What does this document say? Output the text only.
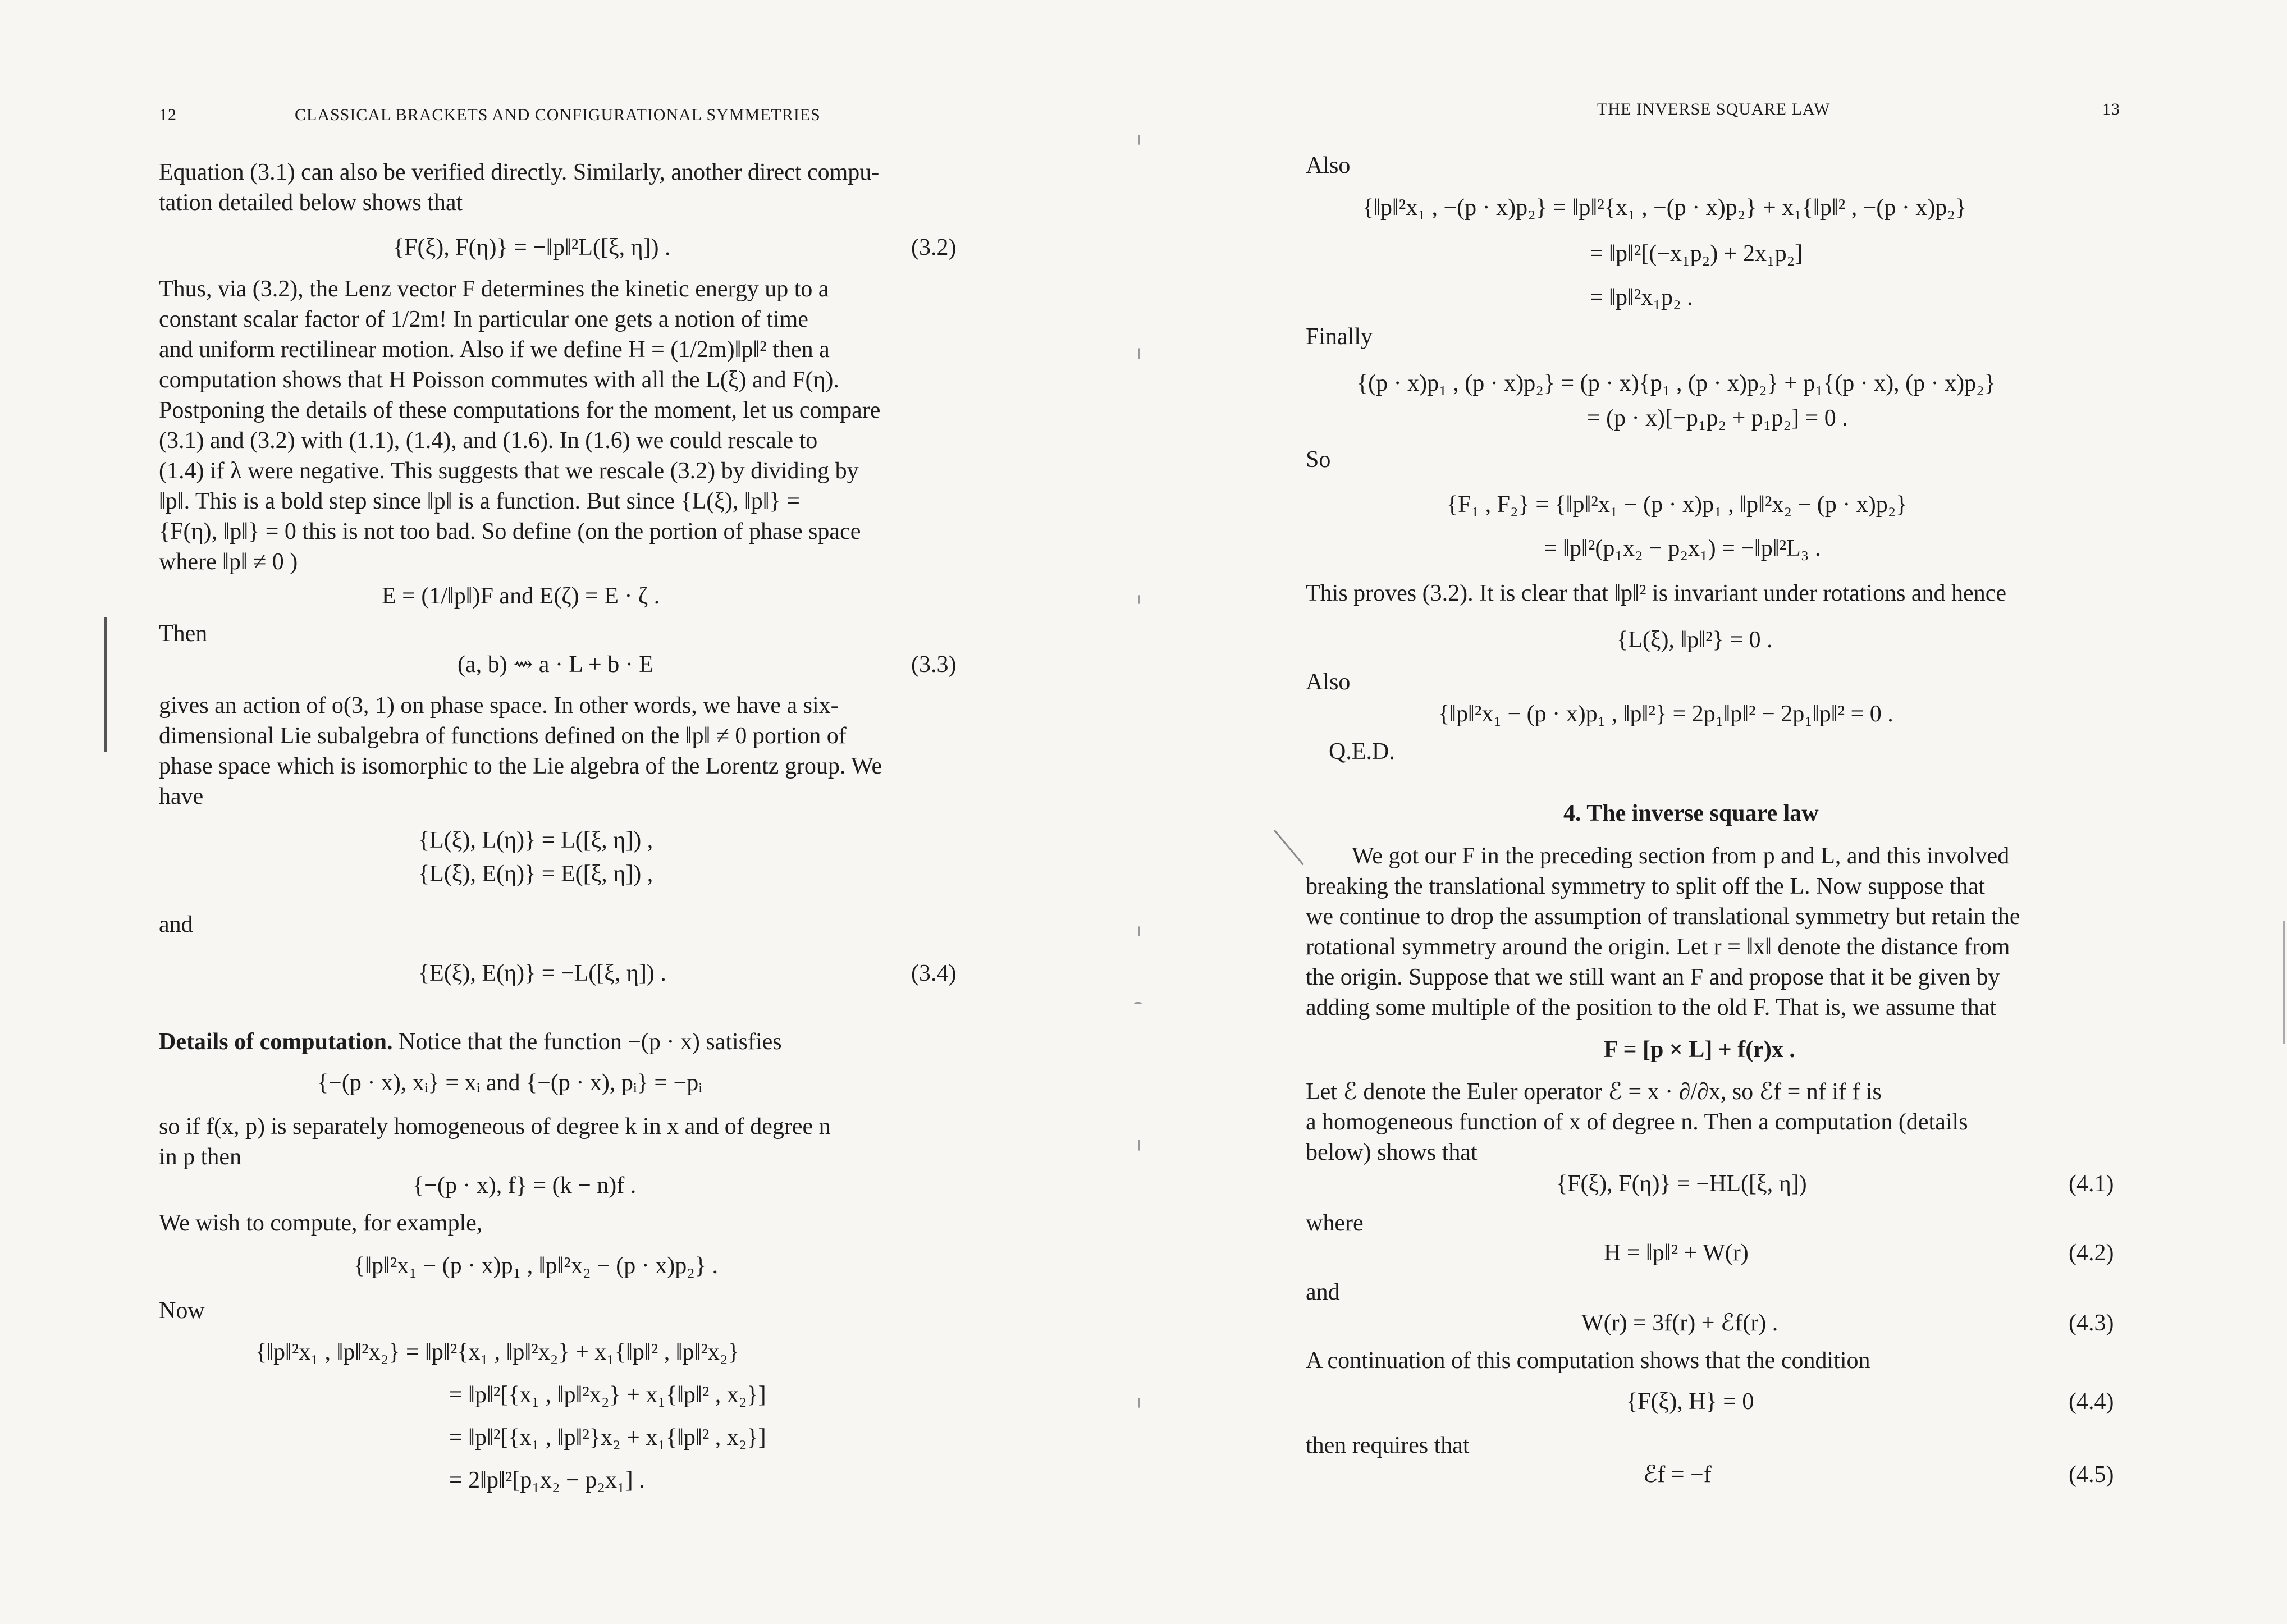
12	CLASSICAL BRACKETS AND CONFIGURATIONAL SYMMETRIES
Equation (3.1) can also be verified directly. Similarly, another direct compu-
tation detailed below shows that
{F(ξ), F(η)} = −‖p‖²L([ξ, η]) .	(3.2)
Thus, via (3.2), the Lenz vector F determines the kinetic energy up to a
constant scalar factor of 1/2m! In particular one gets a notion of time
and uniform rectilinear motion. Also if we define H = (1/2m)‖p‖² then a
computation shows that H Poisson commutes with all the L(ξ) and F(η).
Postponing the details of these computations for the moment, let us compare
(3.1) and (3.2) with (1.1), (1.4), and (1.6). In (1.6) we could rescale to
(1.4) if λ were negative. This suggests that we rescale (3.2) by dividing by
‖p‖. This is a bold step since ‖p‖ is a function. But since {L(ξ), ‖p‖} =
{F(η), ‖p‖} = 0 this is not too bad. So define (on the portion of phase space
where ‖p‖ ≠ 0 )
E = (1/‖p‖)F and E(ζ) = E · ζ .
Then
(a, b) ⇝ a · L + b · E	(3.3)
gives an action of o(3, 1) on phase space. In other words, we have a six-
dimensional Lie subalgebra of functions defined on the ‖p‖ ≠ 0 portion of
phase space which is isomorphic to the Lie algebra of the Lorentz group. We
have
{L(ξ), L(η)} = L([ξ, η]) ,
{L(ξ), E(η)} = E([ξ, η]) ,
and
{E(ξ), E(η)} = −L([ξ, η]) .	(3.4)
Details of computation. Notice that the function −(p · x) satisfies
{−(p · x), xᵢ} = xᵢ and {−(p · x), pᵢ} = −pᵢ
so if f(x, p) is separately homogeneous of degree k in x and of degree n
in p then
{−(p · x), f} = (k − n)f .
We wish to compute, for example,
{‖p‖²x₁ − (p · x)p₁ , ‖p‖²x₂ − (p · x)p₂} .
Now
{‖p‖²x₁ , ‖p‖²x₂} = ‖p‖²{x₁ , ‖p‖²x₂} + x₁{‖p‖² , ‖p‖²x₂}
= ‖p‖²[{x₁ , ‖p‖²x₂} + x₁{‖p‖² , x₂}]
= ‖p‖²[{x₁ , ‖p‖²}x₂ + x₁{‖p‖² , x₂}]
= 2‖p‖²[p₁x₂ − p₂x₁] .
THE INVERSE SQUARE LAW	13
Also
{‖p‖²x₁ , −(p · x)p₂} = ‖p‖²{x₁ , −(p · x)p₂} + x₁{‖p‖² , −(p · x)p₂}
= ‖p‖²[(−x₁p₂) + 2x₁p₂]
= ‖p‖²x₁p₂ .
Finally
{(p · x)p₁ , (p · x)p₂} = (p · x){p₁ , (p · x)p₂} + p₁{(p · x), (p · x)p₂}
= (p · x)[−p₁p₂ + p₁p₂] = 0 .
So
{F₁ , F₂} = {‖p‖²x₁ − (p · x)p₁ , ‖p‖²x₂ − (p · x)p₂}
= ‖p‖²(p₁x₂ − p₂x₁) = −‖p‖²L₃ .
This proves (3.2). It is clear that ‖p‖² is invariant under rotations and hence
{L(ξ), ‖p‖²} = 0 .
Also
{‖p‖²x₁ − (p · x)p₁ , ‖p‖²} = 2p₁‖p‖² − 2p₁‖p‖² = 0 .
Q.E.D.
4. The inverse square law
We got our F in the preceding section from p and L, and this involved
breaking the translational symmetry to split off the L. Now suppose that
we continue to drop the assumption of translational symmetry but retain the
rotational symmetry around the origin. Let r = ‖x‖ denote the distance from
the origin. Suppose that we still want an F and propose that it be given by
adding some multiple of the position to the old F. That is, we assume that
F = [p × L] + f(r)x .
Let ℰ denote the Euler operator ℰ = x · ∂/∂x, so ℰf = nf if f is
a homogeneous function of x of degree n. Then a computation (details
below) shows that
{F(ξ), F(η)} = −HL([ξ, η])	(4.1)
where
H = ‖p‖² + W(r)	(4.2)
and
W(r) = 3f(r) + ℰf(r) .	(4.3)
A continuation of this computation shows that the condition
{F(ξ), H} = 0	(4.4)
then requires that
ℰf = −f	(4.5)
